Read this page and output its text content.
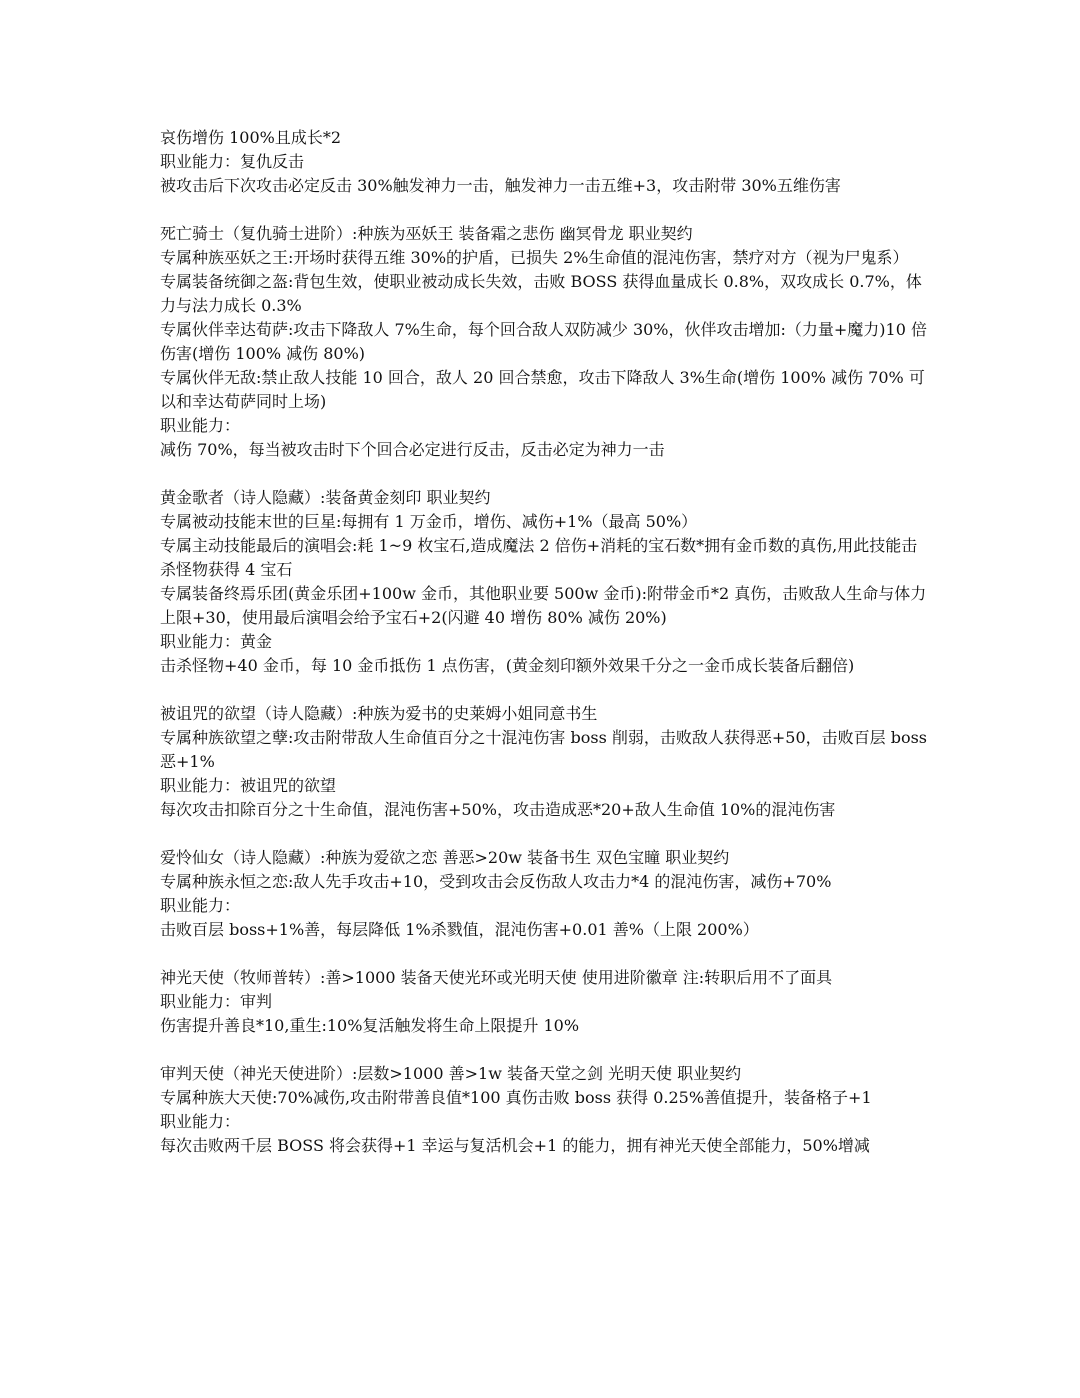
哀伤增伤 100%且成长*2

职业能力：复仇反击

被攻击后下次攻击必定反击 30%触发神力一击，触发神力一击五维+3，攻击附带 30%五维伤害

死亡骑士（复仇骑士进阶）:种族为巫妖王 装备霜之悲伤 幽冥骨龙 职业契约

专属种族巫妖之王:开场时获得五维 30%的护盾，已损失 2%生命值的混沌伤害，禁疗对方（视为尸鬼系）

专属装备统御之盔:背包生效，使职业被动成长失效，击败 BOSS 获得血量成长 0.8%，双攻成长 0.7%，体力与法力成长 0.3%

专属伙伴幸达荀萨:攻击下降敌人 7%生命，每个回合敌人双防减少 30%，伙伴攻击增加:（力量+魔力)10 倍伤害(增伤 100% 减伤 80%)

专属伙伴无敌:禁止敌人技能 10 回合，敌人 20 回合禁愈，攻击下降敌人 3%生命(增伤 100% 减伤 70% 可以和幸达荀萨同时上场)

职业能力：

减伤 70%，每当被攻击时下个回合必定进行反击，反击必定为神力一击

黄金歌者（诗人隐藏）:装备黄金刻印 职业契约

专属被动技能末世的巨星:每拥有 1 万金币，增伤、减伤+1%（最高 50%）

专属主动技能最后的演唱会:耗 1~9 枚宝石,造成魔法 2 倍伤+消耗的宝石数*拥有金币数的真伤,用此技能击杀怪物获得 4 宝石

专属装备终焉乐团(黄金乐团+100w 金币，其他职业要 500w 金币):附带金币*2 真伤，击败敌人生命与体力上限+30，使用最后演唱会给予宝石+2(闪避 40 增伤 80% 减伤 20%)

职业能力：黄金

击杀怪物+40 金币，每 10 金币抵伤 1 点伤害，(黄金刻印额外效果千分之一金币成长装备后翻倍)

被诅咒的欲望（诗人隐藏）:种族为爱书的史莱姆小姐同意书生

专属种族欲望之孽:攻击附带敌人生命值百分之十混沌伤害 boss 削弱，击败敌人获得恶+50，击败百层 boss 恶+1%

职业能力：被诅咒的欲望

每次攻击扣除百分之十生命值，混沌伤害+50%，攻击造成恶*20+敌人生命值 10%的混沌伤害

爱怜仙女（诗人隐藏）:种族为爱欲之恋 善恶>20w 装备书生 双色宝瞳 职业契约

专属种族永恒之恋:敌人先手攻击+10，受到攻击会反伤敌人攻击力*4 的混沌伤害，减伤+70%

职业能力：

击败百层 boss+1%善，每层降低 1%杀戮值，混沌伤害+0.01 善%（上限 200%）

神光天使（牧师普转）:善>1000 装备天使光环或光明天使 使用进阶徽章 注:转职后用不了面具

职业能力：审判

伤害提升善良*10,重生:10%复活触发将生命上限提升 10%

审判天使（神光天使进阶）:层数>1000 善>1w 装备天堂之剑 光明天使 职业契约

专属种族大天使:70%减伤,攻击附带善良值*100 真伤击败 boss 获得 0.25%善值提升，装备格子+1

职业能力：

每次击败两千层 BOSS 将会获得+1 幸运与复活机会+1 的能力，拥有神光天使全部能力，50%增减
